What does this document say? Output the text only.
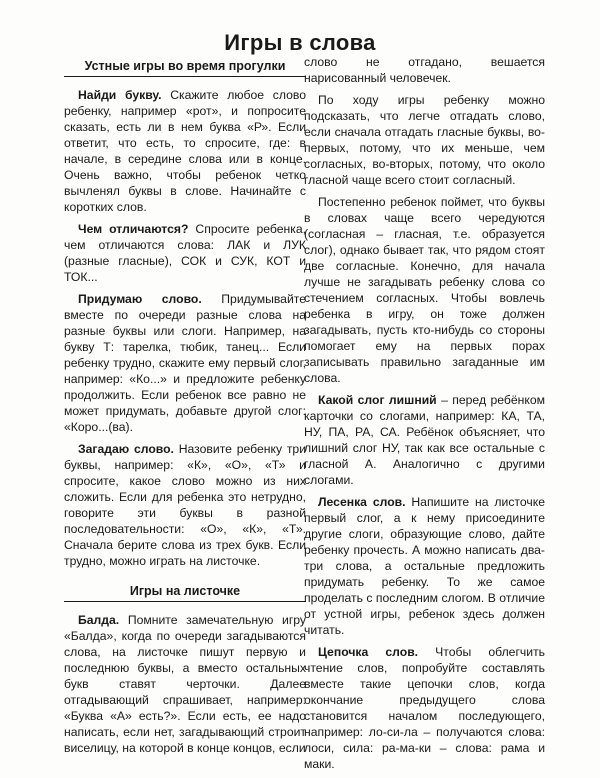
Игры в слова
Устные игры во время прогулки

Найди букву. Скажите любое слово ребенку, например «рот», и попросите сказать, есть ли в нем буква «Р». Если ответит, что есть, то спросите, где: в начале, в середине слова или в конце. Очень важно, чтобы ребенок четко вычленял буквы в слове. Начинайте с коротких слов.

Чем отличаются? Спросите ребенка, чем отличаются слова: ЛАК и ЛУК (разные гласные), СОК и СУК, КОТ и ТОК...

Придумаю слово. Придумывайте вместе по очереди разные слова на разные буквы или слоги. Например, на букву Т: тарелка, тюбик, танец... Если ребенку трудно, скажите ему первый слог, например: «Ко...» и предложите ребенку продолжить. Если ребенок все равно не может придумать, добавьте другой слог: «Коро...(ва).

Загадаю слово. Назовите ребенку три буквы, например: «К», «О», «Т» и спросите, какое слово можно из них сложить. Если для ребенка это нетрудно, говорите эти буквы в разной последовательности: «О», «К», «Т». Сначала берите слова из трех букв. Если трудно, можно играть на листочке.

Игры на листочке

Балда. Помните замечательную игру «Балда», когда по очереди загадываются слова, на листочке пишут первую и последнюю буквы, а вместо остальных букв ставят черточки. Далее отгадывающий спрашивает, например: «Буква «А» есть?». Если есть, ее надо написать, если нет, загадывающий строит виселицу, на которой в конце концов, если

слово не отгадано, вешается нарисованный человечек.

По ходу игры ребенку можно подсказать, что легче отгадать слово, если сначала отгадать гласные буквы, во-первых, потому, что их меньше, чем согласных, во-вторых, потому, что около гласной чаще всего стоит согласный.

Постепенно ребенок поймет, что буквы в словах чаще всего чередуются (согласная – гласная, т.е. образуется слог), однако бывает так, что рядом стоят две согласные. Конечно, для начала лучше не загадывать ребенку слова со стечением согласных. Чтобы вовлечь ребенка в игру, он тоже должен загадывать, пусть кто-нибудь со стороны помогает ему на первых порах записывать правильно загаданные им слова.

Какой слог лишний – перед ребёнком карточки со слогами, например: КА, ТА, НУ, ПА, РА, СА. Ребёнок объясняет, что лишний слог НУ, так как все остальные с гласной А. Аналогично с другими слогами.

Лесенка слов. Напишите на листочке первый слог, а к нему присоедините другие слоги, образующие слово, дайте ребенку прочесть. А можно написать два-три слова, а остальные предложить придумать ребенку. То же самое проделать с последним слогом. В отличие от устной игры, ребенок здесь должен читать.

Цепочка слов. Чтобы облегчить чтение слов, попробуйте составлять вместе такие цепочки слов, когда окончание предыдущего слова становится началом последующего, например: ло-си-ла – получаются слова: лоси, сила: ра-ма-ки – слова: рама и маки.
